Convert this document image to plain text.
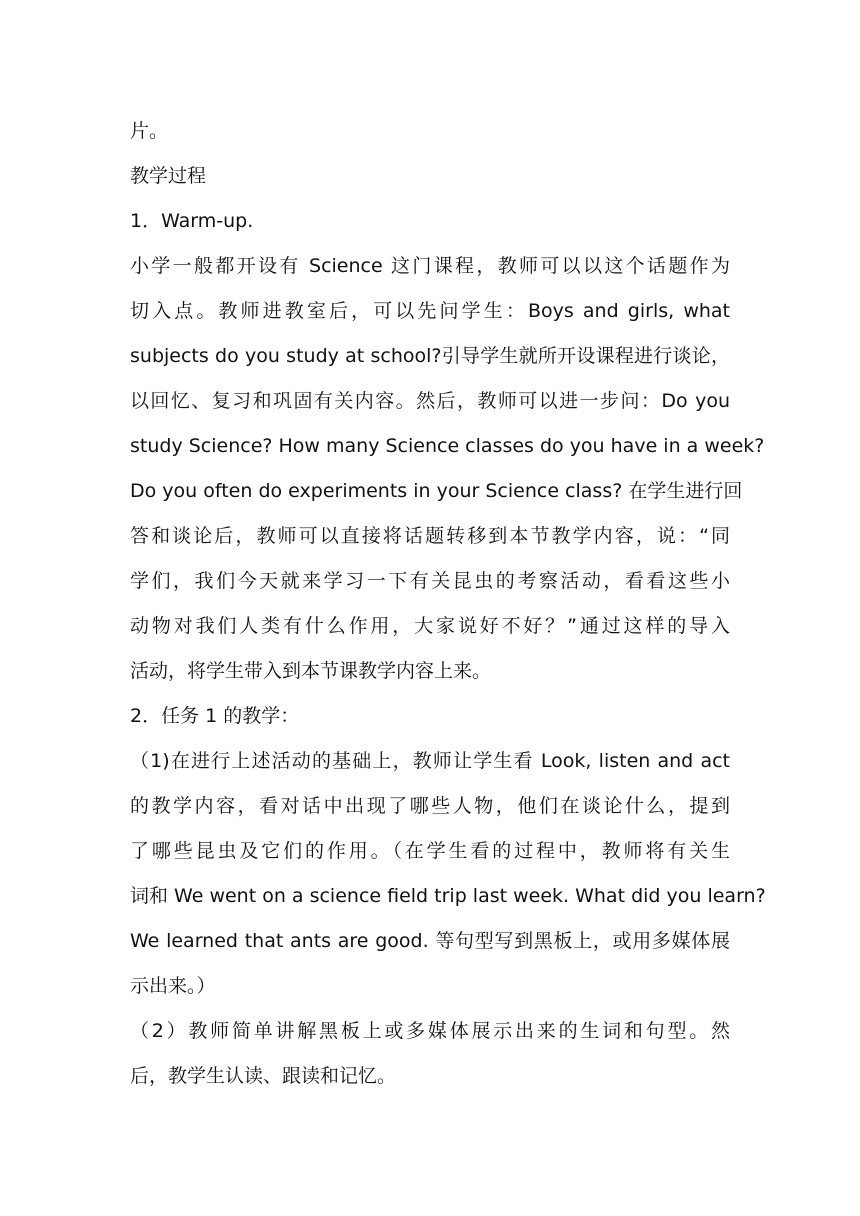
片。
教学过程
1．Warm-up.
小学一般都开设有 Science 这门课程，教师可以以这个话题作为
切入点。教师进教室后，可以先问学生：Boys and girls, what
subjects do you study at school?引导学生就所开设课程进行谈论，
以回忆、复习和巩固有关内容。然后，教师可以进一步问：Do you
study Science? How many Science classes do you have in a week?
Do you often do experiments in your Science class? 在学生进行回
答和谈论后，教师可以直接将话题转移到本节教学内容，说：“同
学们，我们今天就来学习一下有关昆虫的考察活动，看看这些小
动物对我们人类有什么作用，大家说好不好？”通过这样的导入
活动，将学生带入到本节课教学内容上来。
2．任务 1 的教学：
（1)在进行上述活动的基础上，教师让学生看 Look, listen and act
的教学内容，看对话中出现了哪些人物，他们在谈论什么，提到
了哪些昆虫及它们的作用。（在学生看的过程中，教师将有关生
词和 We went on a science field trip last week. What did you learn?
We learned that ants are good. 等句型写到黑板上，或用多媒体展
示出来。）
（2）教师简单讲解黑板上或多媒体展示出来的生词和句型。然
后，教学生认读、跟读和记忆。
